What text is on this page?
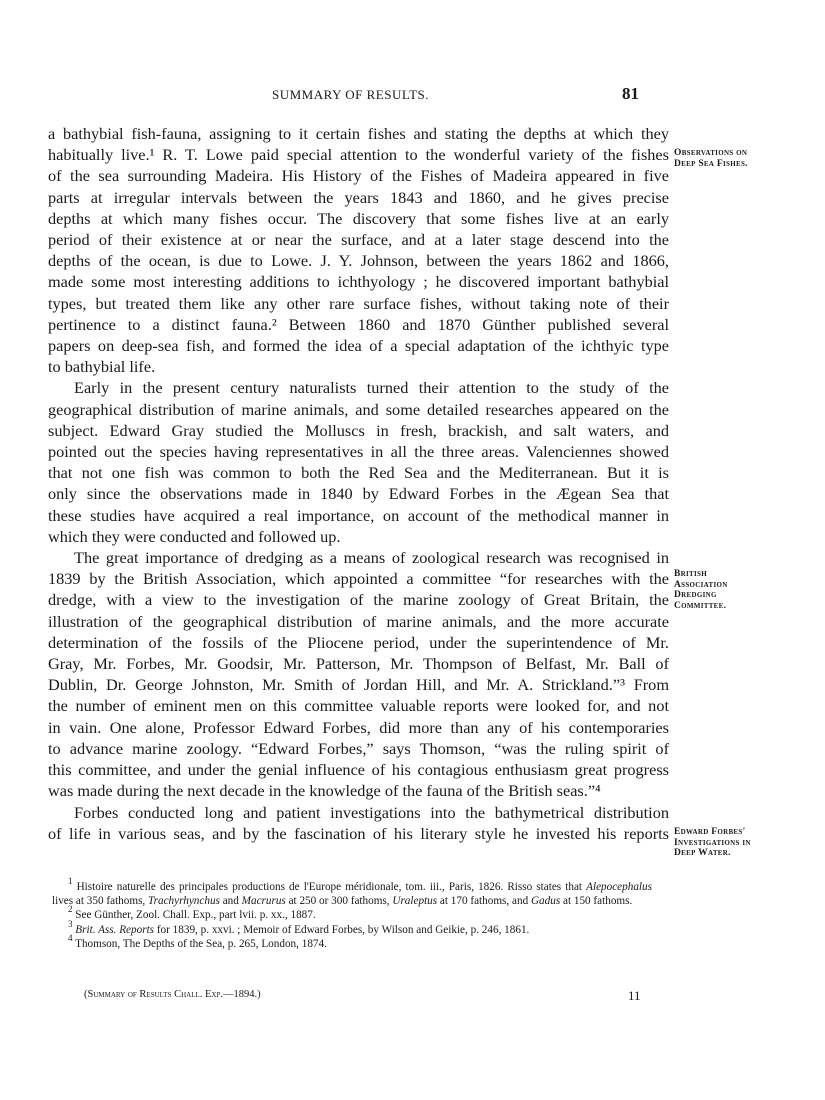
SUMMARY OF RESULTS.	81

a bathybial fish-fauna, assigning to it certain fishes and stating the depths at which they
habitually live.¹ R. T. Lowe paid special attention to the wonderful variety of the fishes
of the sea surrounding Madeira. His History of the Fishes of Madeira appeared in five
parts at irregular intervals between the years 1843 and 1860, and he gives precise
depths at which many fishes occur. The discovery that some fishes live at an early
period of their existence at or near the surface, and at a later stage descend into the
depths of the ocean, is due to Lowe. J. Y. Johnson, between the years 1862 and 1866,
made some most interesting additions to ichthyology ; he discovered important bathybial
types, but treated them like any other rare surface fishes, without taking note of their
pertinence to a distinct fauna.² Between 1860 and 1870 Günther published several
papers on deep-sea fish, and formed the idea of a special adaptation of the ichthyic type
to bathybial life.

Early in the present century naturalists turned their attention to the study of the
geographical distribution of marine animals, and some detailed researches appeared on the
subject. Edward Gray studied the Molluscs in fresh, brackish, and salt waters, and
pointed out the species having representatives in all the three areas. Valenciennes showed
that not one fish was common to both the Red Sea and the Mediterranean. But it is
only since the observations made in 1840 by Edward Forbes in the Ægean Sea that
these studies have acquired a real importance, on account of the methodical manner in
which they were conducted and followed up.

The great importance of dredging as a means of zoological research was recognised in
1839 by the British Association, which appointed a committee “for researches with the
dredge, with a view to the investigation of the marine zoology of Great Britain, the
illustration of the geographical distribution of marine animals, and the more accurate
determination of the fossils of the Pliocene period, under the superintendence of Mr.
Gray, Mr. Forbes, Mr. Goodsir, Mr. Patterson, Mr. Thompson of Belfast, Mr. Ball of
Dublin, Dr. George Johnston, Mr. Smith of Jordan Hill, and Mr. A. Strickland.”³ From
the number of eminent men on this committee valuable reports were looked for, and not
in vain. One alone, Professor Edward Forbes, did more than any of his contemporaries
to advance marine zoology. “Edward Forbes,” says Thomson, “was the ruling spirit of
this committee, and under the genial influence of his contagious enthusiasm great progress
was made during the next decade in the knowledge of the fauna of the British seas.”⁴

Forbes conducted long and patient investigations into the bathymetrical distribution
of life in various seas, and by the fascination of his literary style he invested his reports

Observations on
Deep Sea Fishes.
British
Association
Dredging
Committee.
Edward Forbes'
Investigations in
Deep Water.

$^1$ Histoire naturelle des principales productions de l'Europe méridionale, tom. iii., Paris, 1826. Risso states that Alepocephalus lives at 350 fathoms, Trachyrhynchus and Macrurus at 250 or 300 fathoms, Uraleptus at 170 fathoms, and Gadus at 150 fathoms.

$^2$ See Günther, Zool. Chall. Exp., part lvii. p. xx., 1887.

$^3$ Brit. Ass. Reports for 1839, p. xxvi. ; Memoir of Edward Forbes, by Wilson and Geikie, p. 246, 1861.

$^4$ Thomson, The Depths of the Sea, p. 265, London, 1874.

(Summary of Results Chall. Exp.—1894.)	11
